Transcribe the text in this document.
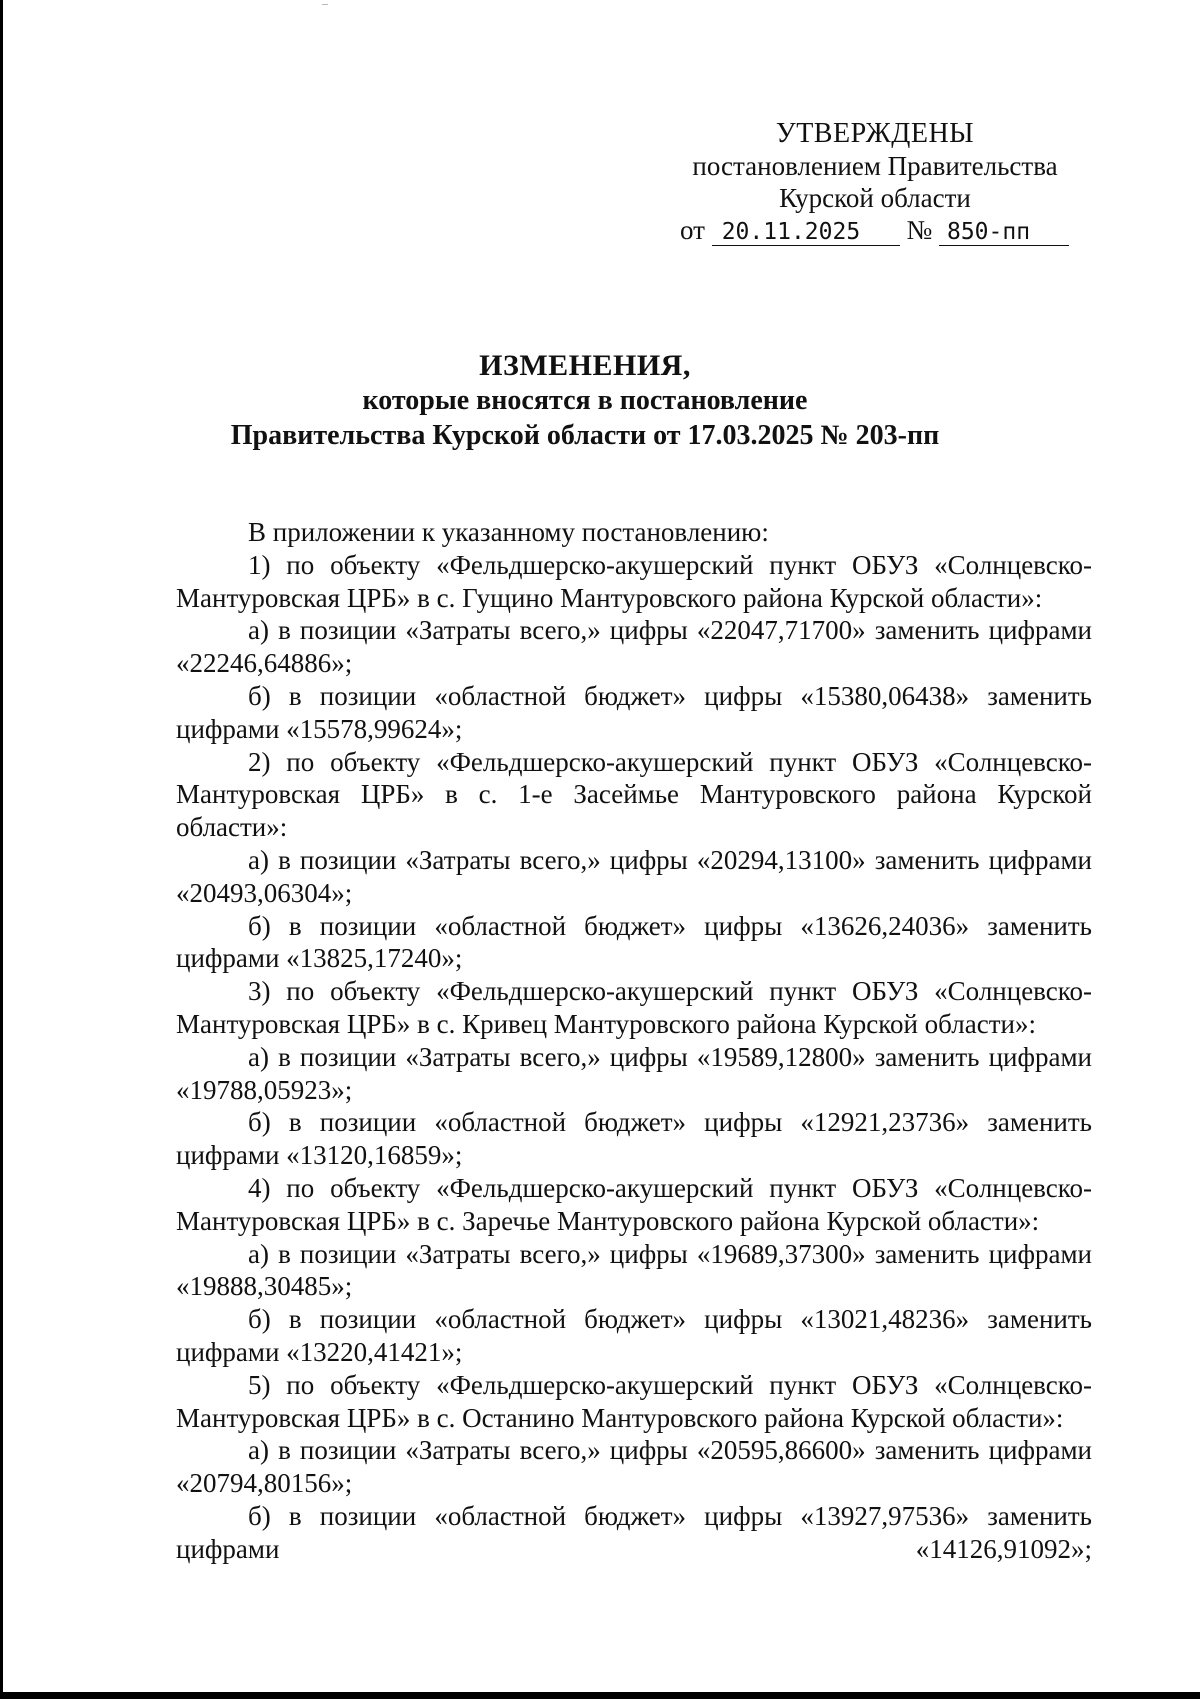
УТВЕРЖДЕНЫ
постановлением Правительства
Курской области
от 20.11.2025 № 850-пп
ИЗМЕНЕНИЯ,
которые вносятся в постановление
Правительства Курской области от 17.03.2025 № 203-пп

В приложении к указанному постановлению:

1) по объекту «Фельдшерско-акушерский пункт ОБУЗ «Солнцевско-Мантуровская ЦРБ» в с. Гущино Мантуровского района Курской области»:

а) в позиции «Затраты всего,» цифры «22047,71700» заменить цифрами «22246,64886»;

б) в позиции «областной бюджет» цифры «15380,06438» заменить цифрами «15578,99624»;

2) по объекту «Фельдшерско-акушерский пункт ОБУЗ «Солнцевско-Мантуровская ЦРБ» в с. 1-е Засеймье Мантуровского района Курской области»:

а) в позиции «Затраты всего,» цифры «20294,13100» заменить цифрами «20493,06304»;

б) в позиции «областной бюджет» цифры «13626,24036» заменить цифрами «13825,17240»;

3) по объекту «Фельдшерско-акушерский пункт ОБУЗ «Солнцевско-Мантуровская ЦРБ» в с. Кривец Мантуровского района Курской области»:

а) в позиции «Затраты всего,» цифры «19589,12800» заменить цифрами «19788,05923»;

б) в позиции «областной бюджет» цифры «12921,23736» заменить цифрами «13120,16859»;

4) по объекту «Фельдшерско-акушерский пункт ОБУЗ «Солнцевско-Мантуровская ЦРБ» в с. Заречье Мантуровского района Курской области»:

а) в позиции «Затраты всего,» цифры «19689,37300» заменить цифрами «19888,30485»;

б) в позиции «областной бюджет» цифры «13021,48236» заменить цифрами «13220,41421»;

5) по объекту «Фельдшерско-акушерский пункт ОБУЗ «Солнцевско-Мантуровская ЦРБ» в с. Останино Мантуровского района Курской области»:

а) в позиции «Затраты всего,» цифры «20595,86600» заменить цифрами «20794,80156»;

б) в позиции «областной бюджет» цифры «13927,97536» заменить цифрами «14126,91092»;
